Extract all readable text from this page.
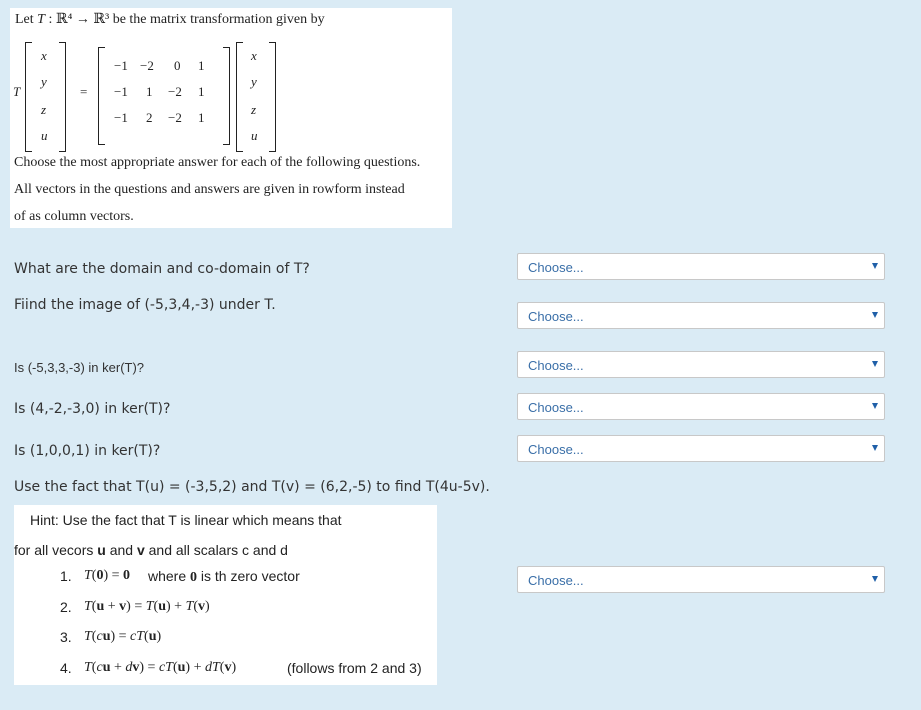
Let T : ℝ⁴ → ℝ³ be the matrix transformation given by
T
x
y
z
u
=
−1 −2 0 1
−1 1 −2 1
−1 2 −2 1
x
y
z
u
Choose the most appropriate answer for each of the following questions.
All vectors in the questions and answers are given in rowform instead
of as column vectors.
What are the domain and co-domain of T?	Choose...
Fiind the image of (-5,3,4,-3) under T.
Choose...
Is (-5,3,3,-3) in ker(T)?	Choose...
Is (4,-2,-3,0) in ker(T)?	Choose...
Is (1,0,0,1) in ker(T)?	Choose...
Use the fact that T(u) = (-3,5,2) and T(v) = (6,2,-5) to find T(4u-5v).
Hint: Use the fact that T is linear which means that
for all vecors u and v and all scalars c and d
1. T(0) = 0 where 0 is th zero vector
2. T(u + v) = T(u) + T(v)
3. T(cu) = cT(u)
4. T(cu + dv) = cT(u) + dT(v)	(follows from 2 and 3)
Choose...
